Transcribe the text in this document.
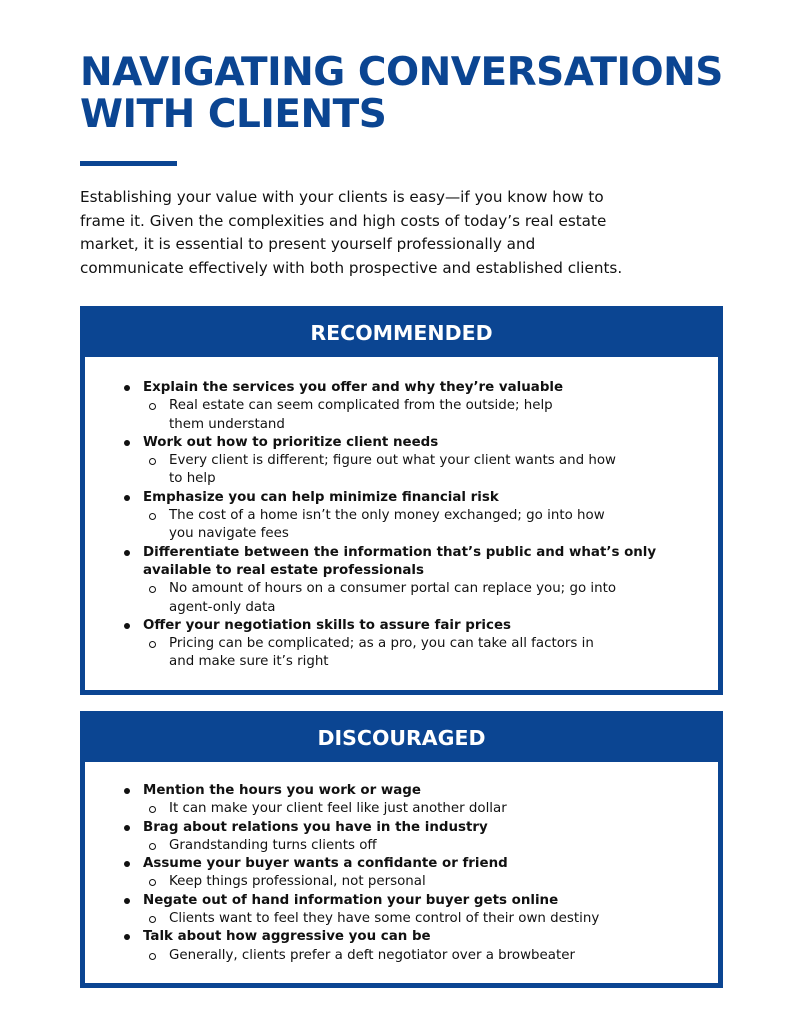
NAVIGATING CONVERSATIONS
WITH CLIENTS

Establishing your value with your clients is easy—if you know how to
frame it. Given the complexities and high costs of today’s real estate
market, it is essential to present yourself professionally and
communicate effectively with both prospective and established clients.

RECOMMENDED
Explain the services you offer and why they’re valuable
Real estate can seem complicated from the outside; help
them understand
Work out how to prioritize client needs
Every client is different; figure out what your client wants and how
to help
Emphasize you can help minimize financial risk
The cost of a home isn’t the only money exchanged; go into how
you navigate fees
Differentiate between the information that’s public and what’s only
available to real estate professionals
No amount of hours on a consumer portal can replace you; go into
agent-only data
Offer your negotiation skills to assure fair prices
Pricing can be complicated; as a pro, you can take all factors in
and make sure it’s right
DISCOURAGED
Mention the hours you work or wage
It can make your client feel like just another dollar
Brag about relations you have in the industry
Grandstanding turns clients off
Assume your buyer wants a confidante or friend
Keep things professional, not personal
Negate out of hand information your buyer gets online
Clients want to feel they have some control of their own destiny
Talk about how aggressive you can be
Generally, clients prefer a deft negotiator over a browbeater
